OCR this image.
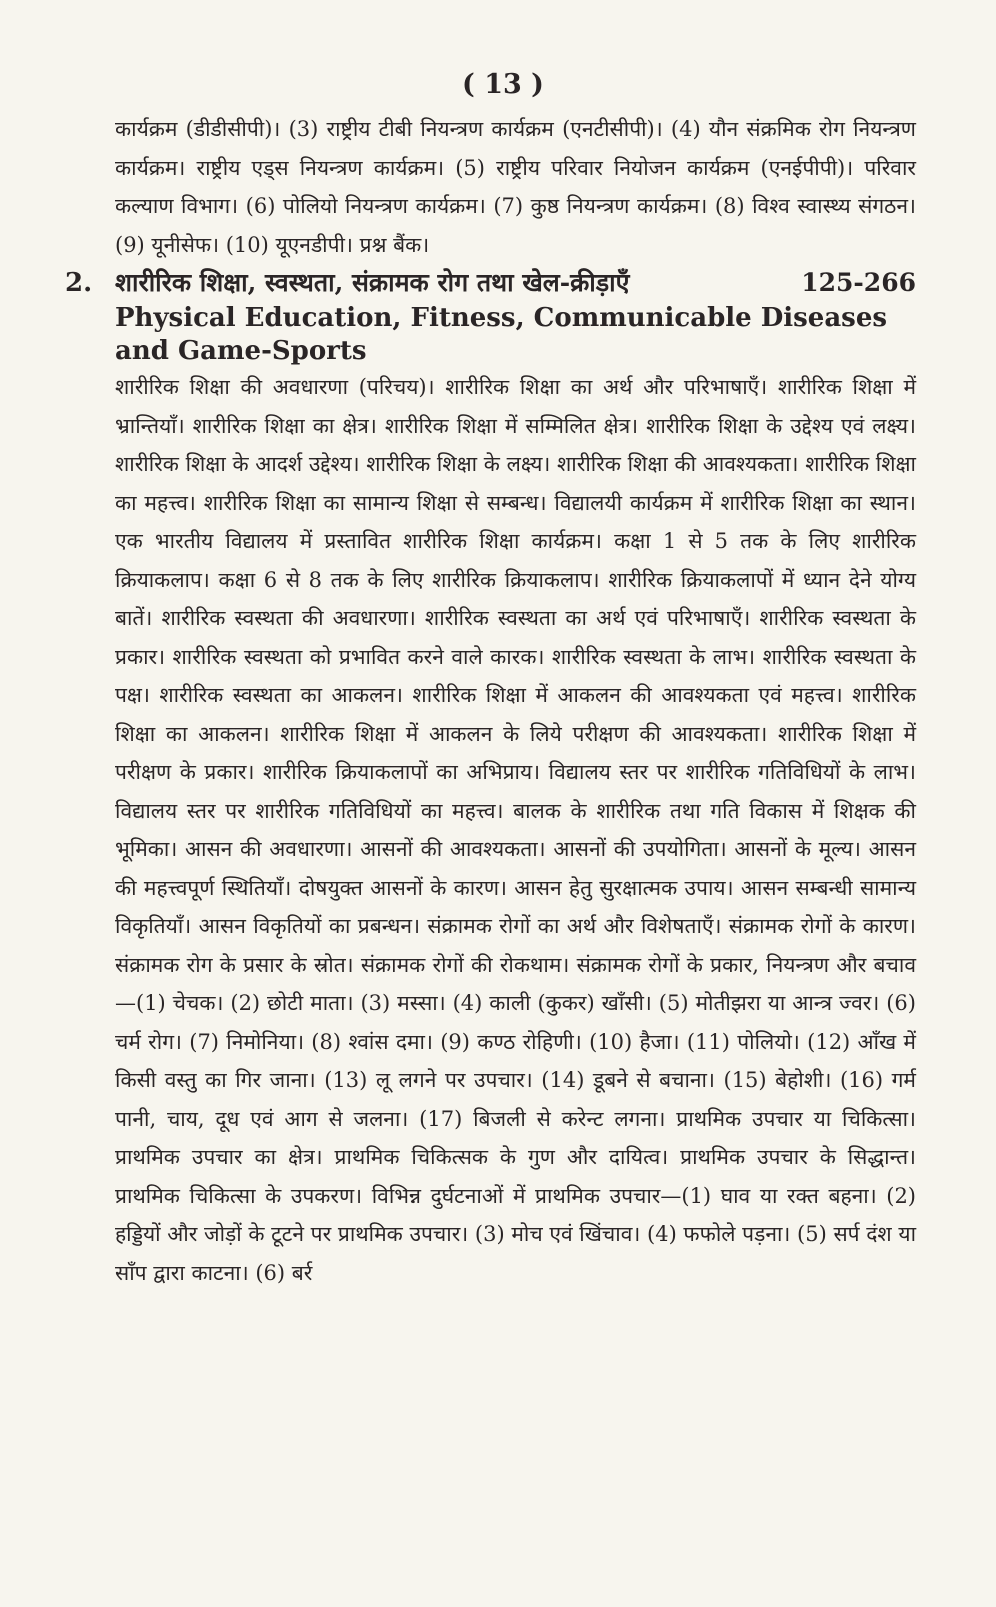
( 13 )

कार्यक्रम (डीडीसीपी)। (3) राष्ट्रीय टीबी नियन्त्रण कार्यक्रम (एनटीसीपी)। (4) यौन संक्रमिक रोग नियन्त्रण कार्यक्रम। राष्ट्रीय एड्स नियन्त्रण कार्यक्रम। (5) राष्ट्रीय परिवार नियोजन कार्यक्रम (एनईपीपी)। परिवार कल्याण विभाग। (6) पोलियो नियन्त्रण कार्यक्रम। (7) कुष्ठ नियन्त्रण कार्यक्रम। (8) विश्व स्वास्थ्य संगठन। (9) यूनीसेफ। (10) यूएनडीपी। प्रश्न बैंक।

2. शारीरिक शिक्षा, स्वस्थता, संक्रामक रोग तथा खेल-क्रीड़ाएँ	125-266

Physical Education, Fitness, Communicable Diseases and Game-Sports

शारीरिक शिक्षा की अवधारणा (परिचय)। शारीरिक शिक्षा का अर्थ और परिभाषाएँ। शारीरिक शिक्षा में भ्रान्तियाँ। शारीरिक शिक्षा का क्षेत्र। शारीरिक शिक्षा में सम्मिलित क्षेत्र। शारीरिक शिक्षा के उद्देश्य एवं लक्ष्य। शारीरिक शिक्षा के आदर्श उद्देश्य। शारीरिक शिक्षा के लक्ष्य। शारीरिक शिक्षा की आवश्यकता। शारीरिक शिक्षा का महत्त्व। शारीरिक शिक्षा का सामान्य शिक्षा से सम्बन्ध। विद्यालयी कार्यक्रम में शारीरिक शिक्षा का स्थान। एक भारतीय विद्यालय में प्रस्तावित शारीरिक शिक्षा कार्यक्रम। कक्षा 1 से 5 तक के लिए शारीरिक क्रियाकलाप। कक्षा 6 से 8 तक के लिए शारीरिक क्रियाकलाप। शारीरिक क्रियाकलापों में ध्यान देने योग्य बातें। शारीरिक स्वस्थता की अवधारणा। शारीरिक स्वस्थता का अर्थ एवं परिभाषाएँ। शारीरिक स्वस्थता के प्रकार। शारीरिक स्वस्थता को प्रभावित करने वाले कारक। शारीरिक स्वस्थता के लाभ। शारीरिक स्वस्थता के पक्ष। शारीरिक स्वस्थता का आकलन। शारीरिक शिक्षा में आकलन की आवश्यकता एवं महत्त्व। शारीरिक शिक्षा का आकलन। शारीरिक शिक्षा में आकलन के लिये परीक्षण की आवश्यकता। शारीरिक शिक्षा में परीक्षण के प्रकार। शारीरिक क्रियाकलापों का अभिप्राय। विद्यालय स्तर पर शारीरिक गतिविधियों के लाभ। विद्यालय स्तर पर शारीरिक गतिविधियों का महत्त्व। बालक के शारीरिक तथा गति विकास में शिक्षक की भूमिका। आसन की अवधारणा। आसनों की आवश्यकता। आसनों की उपयोगिता। आसनों के मूल्य। आसन की महत्त्वपूर्ण स्थितियाँ। दोषयुक्त आसनों के कारण। आसन हेतु सुरक्षात्मक उपाय। आसन सम्बन्धी सामान्य विकृतियाँ। आसन विकृतियों का प्रबन्धन। संक्रामक रोगों का अर्थ और विशेषताएँ। संक्रामक रोगों के कारण। संक्रामक रोग के प्रसार के स्रोत। संक्रामक रोगों की रोकथाम। संक्रामक रोगों के प्रकार, नियन्त्रण और बचाव—(1) चेचक। (2) छोटी माता। (3) मस्सा। (4) काली (कुकर) खाँसी। (5) मोतीझरा या आन्त्र ज्वर। (6) चर्म रोग। (7) निमोनिया। (8) श्वांस दमा। (9) कण्ठ रोहिणी। (10) हैजा। (11) पोलियो। (12) आँख में किसी वस्तु का गिर जाना। (13) लू लगने पर उपचार। (14) डूबने से बचाना। (15) बेहोशी। (16) गर्म पानी, चाय, दूध एवं आग से जलना। (17) बिजली से करेन्ट लगना। प्राथमिक उपचार या चिकित्सा। प्राथमिक उपचार का क्षेत्र। प्राथमिक चिकित्सक के गुण और दायित्व। प्राथमिक उपचार के सिद्धान्त। प्राथमिक चिकित्सा के उपकरण। विभिन्न दुर्घटनाओं में प्राथमिक उपचार—(1) घाव या रक्त बहना। (2) हड्डियों और जोड़ों के टूटने पर प्राथमिक उपचार। (3) मोच एवं खिंचाव। (4) फफोले पड़ना। (5) सर्प दंश या साँप द्वारा काटना। (6) बर्र
